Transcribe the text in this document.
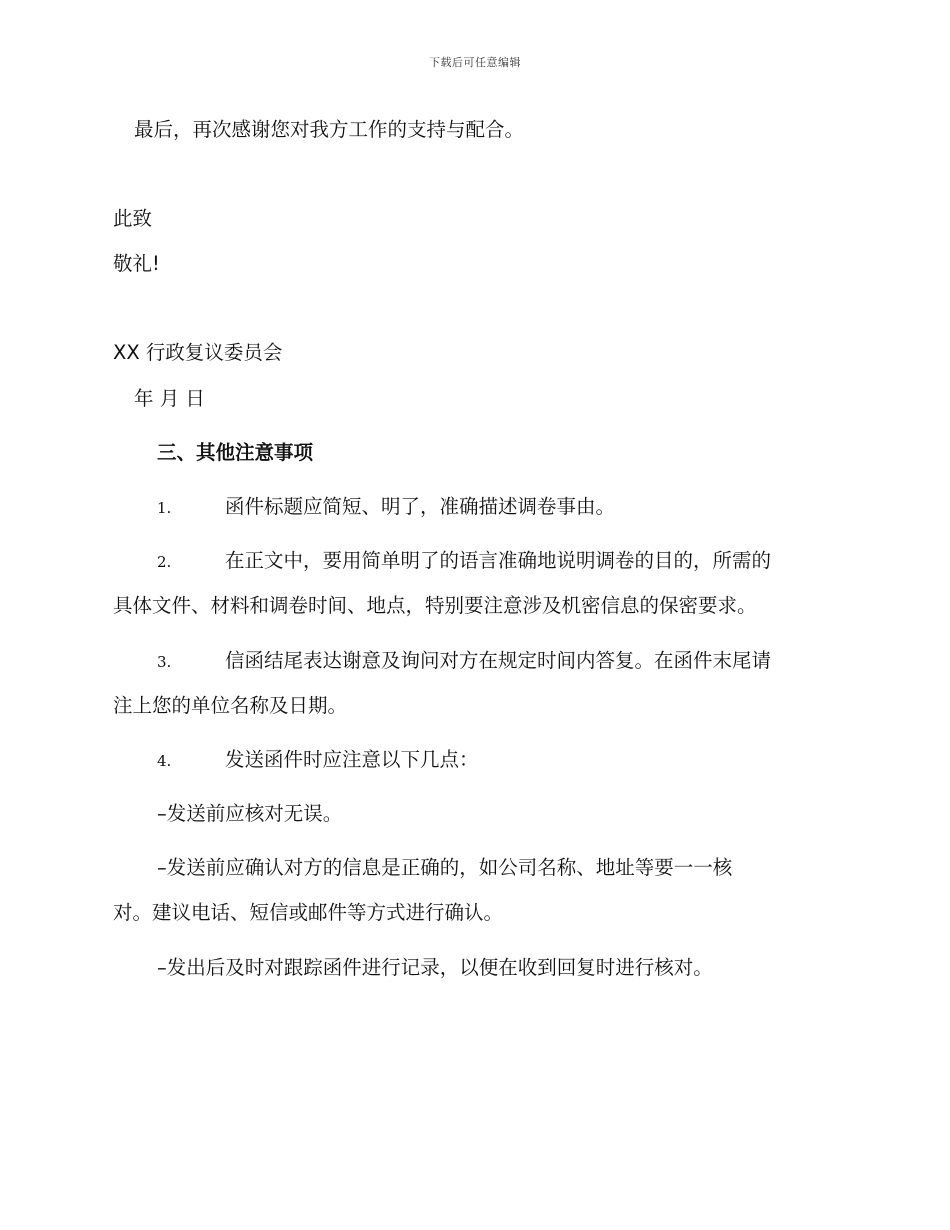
下载后可任意编辑
最后，再次感谢您对我方工作的支持与配合。
此致
敬礼!
XX 行政复议委员会
年 月 日
三、其他注意事项
1.	函件标题应简短、明了，准确描述调卷事由。
2.	在正文中，要用简单明了的语言准确地说明调卷的目的，所需的
具体文件、材料和调卷时间、地点，特别要注意涉及机密信息的保密要求。
3.	信函结尾表达谢意及询问对方在规定时间内答复。在函件末尾请
注上您的单位名称及日期。
4.	发送函件时应注意以下几点：
–发送前应核对无误。
–发送前应确认对方的信息是正确的，如公司名称、地址等要一一核
对。建议电话、短信或邮件等方式进行确认。
–发出后及时对跟踪函件进行记录，以便在收到回复时进行核对。
